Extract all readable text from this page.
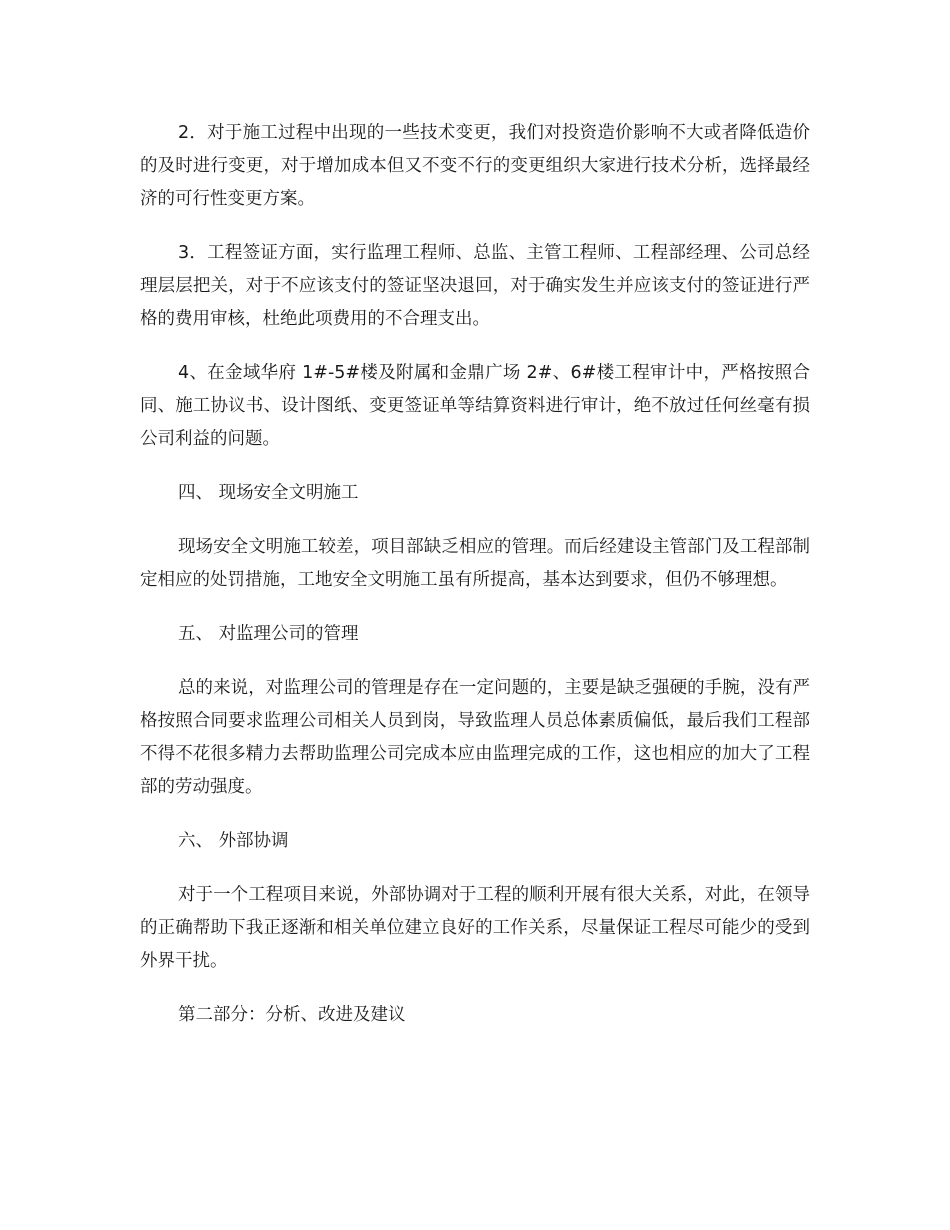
2．对于施工过程中出现的一些技术变更，我们对投资造价影响不大或者降低造价的及时进行变更，对于增加成本但又不变不行的变更组织大家进行技术分析，选择最经济的可行性变更方案。

3．工程签证方面，实行监理工程师、总监、主管工程师、工程部经理、公司总经理层层把关，对于不应该支付的签证坚决退回，对于确实发生并应该支付的签证进行严格的费用审核，杜绝此项费用的不合理支出。

4、在金域华府 1#-5#楼及附属和金鼎广场 2#、6#楼工程审计中，严格按照合同、施工协议书、设计图纸、变更签证单等结算资料进行审计，绝不放过任何丝毫有损公司利益的问题。

四、 现场安全文明施工

现场安全文明施工较差，项目部缺乏相应的管理。而后经建设主管部门及工程部制定相应的处罚措施，工地安全文明施工虽有所提高，基本达到要求，但仍不够理想。

五、 对监理公司的管理

总的来说，对监理公司的管理是存在一定问题的，主要是缺乏强硬的手腕，没有严格按照合同要求监理公司相关人员到岗，导致监理人员总体素质偏低，最后我们工程部不得不花很多精力去帮助监理公司完成本应由监理完成的工作，这也相应的加大了工程部的劳动强度。

六、 外部协调

对于一个工程项目来说，外部协调对于工程的顺利开展有很大关系，对此，在领导的正确帮助下我正逐渐和相关单位建立良好的工作关系，尽量保证工程尽可能少的受到外界干扰。

第二部分：分析、改进及建议
